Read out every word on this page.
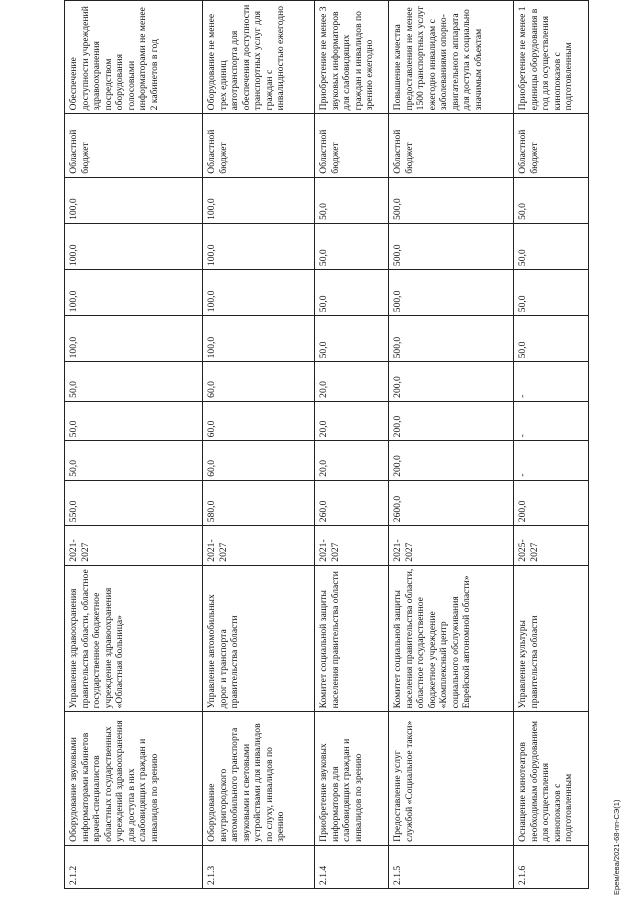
2.1.2	Оборудование звуковыми информаторами кабинетов врачей-специалистов областных государственных учреждений здравоохранения для доступа в них слабовидящих граждан и инвалидов по зрению	Управление здравоохранения правительства области, областное государственное бюджетное учреждение здравоохранения «Областная больница»	2021-2027	550,0	50,0	50,0	50,0	100,0	100,0	100,0	100,0	Областной бюджет	Обеспечение доступности учреждений здравоохранения посредством оборудования голосовыми информаторами не менее 2 кабинетов в год
2.1.3	Оборудование внутригородского автомобильного транспорта звуковыми и световыми устройствами для инвалидов по слуху, инвалидов по зрению	Управление автомобильных дорог и транспорта правительства области	2021-2027	580,0	60,0	60,0	60,0	100,0	100,0	100,0	100,0	Областной бюджет	Оборудование не менее трех единиц автотранспорта для обеспечения доступности транспортных услуг для граждан с инвалидностью ежегодно
2.1.4	Приобретение звуковых информаторов для слабовидящих граждан и инвалидов по зрению	Комитет социальной защиты населения правительства области	2021-2027	260,0	20,0	20,0	20,0	50,0	50,0	50,0	50,0	Областной бюджет	Приобретение не менее 3 звуковых информаторов для слабовидящих граждан и инвалидов по зрению ежегодно
2.1.5	Предоставление услуг службой «Социальное такси»	Комитет социальной защиты населения правительства области, областное государственное бюджетное учреждение «Комплексный центр социального обслуживания Еврейской автономной области»	2021-2027	2600,0	200,0	200,0	200,0	500,0	500,0	500,0	500,0	Областной бюджет	Повышение качества предоставления не менее 1500 транспортных услуг ежегодно инвалидам с заболеваниями опорно-двигательного аппарата для доступа к социально значимым объектам
2.1.6	Оснащение кинотеатров необходимым оборудованием для осуществления кинопоказов с подготовленным	Управление культуры правительства области	2025-2027	200,0	-	-	-	50,0	50,0	50,0	50,0	Областной бюджет	Приобретение не менее 1 единицы оборудования в год для осуществления кинопоказов с подготовленным
Ерем/ева/2021-68-пп-СЭ(1)
